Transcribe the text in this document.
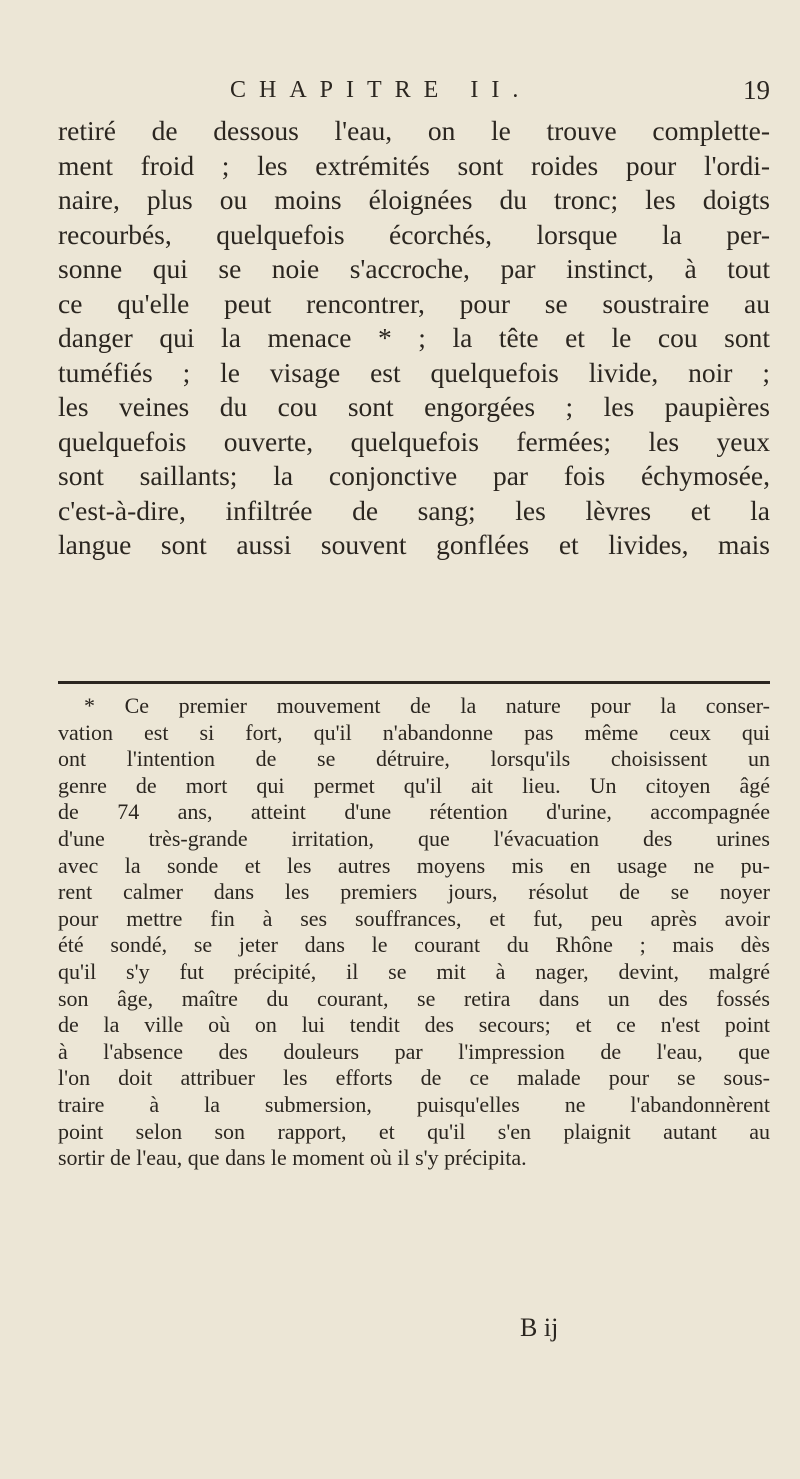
CHAPITRE II.	19
retiré de dessous l'eau, on le trouve complette-
ment froid ; les extrémités sont roides pour l'ordi-
naire, plus ou moins éloignées du tronc; les doigts
recourbés, quelquefois écorchés, lorsque la per-
sonne qui se noie s'accroche, par instinct, à tout
ce qu'elle peut rencontrer, pour se soustraire au
danger qui la menace * ; la tête et le cou sont
tuméfiés ; le visage est quelquefois livide, noir ;
les veines du cou sont engorgées ; les paupières
quelquefois ouverte, quelquefois fermées; les yeux
sont saillants; la conjonctive par fois échymosée,
c'est-à-dire, infiltrée de sang; les lèvres et la
langue sont aussi souvent gonflées et livides, mais
* Ce premier mouvement de la nature pour la conser-
vation est si fort, qu'il n'abandonne pas même ceux qui
ont l'intention de se détruire, lorsqu'ils choisissent un
genre de mort qui permet qu'il ait lieu. Un citoyen âgé
de 74 ans, atteint d'une rétention d'urine, accompagnée
d'une très-grande irritation, que l'évacuation des urines
avec la sonde et les autres moyens mis en usage ne pu-
rent calmer dans les premiers jours, résolut de se noyer
pour mettre fin à ses souffrances, et fut, peu après avoir
été sondé, se jeter dans le courant du Rhône ; mais dès
qu'il s'y fut précipité, il se mit à nager, devint, malgré
son âge, maître du courant, se retira dans un des fossés
de la ville où on lui tendit des secours; et ce n'est point
à l'absence des douleurs par l'impression de l'eau, que
l'on doit attribuer les efforts de ce malade pour se sous-
traire à la submersion, puisqu'elles ne l'abandonnèrent
point selon son rapport, et qu'il s'en plaignit autant au
sortir de l'eau, que dans le moment où il s'y précipita.
B ij
